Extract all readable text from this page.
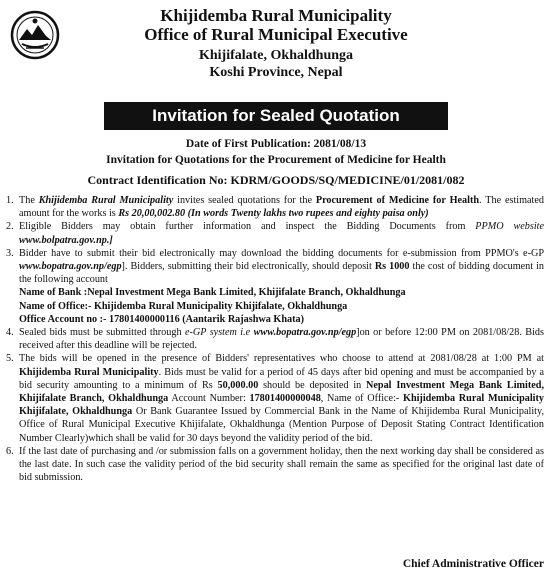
Khijidemba Rural Municipality
Office of Rural Municipal Executive
Khijifalate, Okhaldhunga
Koshi Province, Nepal
Invitation for Sealed Quotation
Date of First Publication: 2081/08/13
Invitation for Quotations for the Procurement of Medicine for Health
Contract Identification No: KDRM/GOODS/SQ/MEDICINE/01/2081/082
1. The Khijidemba Rural Municipality invites sealed quotations for the Procurement of Medicine for Health. The estimated amount for the works is Rs 20,00,002.80 (In words Twenty lakhs two rupees and eighty paisa only)
2. Eligible Bidders may obtain further information and inspect the Bidding Documents from PPMO website www.bolpatra.gov.np.]
3. Bidder have to submit their bid electronically may download the bidding documents for e-submission from PPMO's e-GP www.bopatra.gov.np/egp]. Bidders, submitting their bid electronically, should deposit Rs 1000 the cost of bidding document in the following account
Name of Bank :Nepal Investment Mega Bank Limited, Khijifalate Branch, Okhaldhunga
Name of Office:- Khijidemba Rural Municipality Khijifalate, Okhaldhunga
Office Account no :- 17801400000116 (Aantarik Rajashwa Khata)
4. Sealed bids must be submitted through e-GP system i.e www.bopatra.gov.np/egp]on or before 12:00 PM on 2081/08/28. Bids received after this deadline will be rejected.
5. The bids will be opened in the presence of Bidders' representatives who choose to attend at 2081/08/28 at 1:00 PM at Khijidemba Rural Municipality. Bids must be valid for a period of 45 days after bid opening and must be accompanied by a bid security amounting to a minimum of Rs 50,000.00 should be deposited in Nepal Investment Mega Bank Limited, Khijifalate Branch, Okhaldhunga Account Number: 17801400000048, Name of Office:- Khijidemba Rural Municipality Khijifalate, Okhaldhunga Or Bank Guarantee Issued by Commercial Bank in the Name of Khijidemba Rural Municipality, Office of Rural Municipal Executive Khijifalate, Okhaldhunga (Mention Purpose of Deposit Stating Contract Identification Number Clearly)which shall be valid for 30 days beyond the validity period of the bid.
6. If the last date of purchasing and /or submission falls on a government holiday, then the next working day shall be considered as the last date. In such case the validity period of the bid security shall remain the same as specified for the original last date of bid submission.
Chief Administrative Officer
